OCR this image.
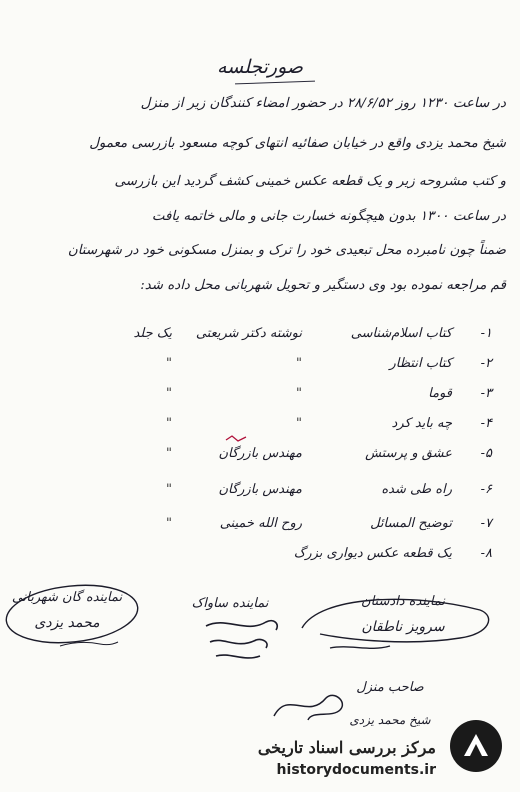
صورتجلسه
در ساعت ۱۲۳۰ روز ۲۸/۶/۵۲ در حضور امضاء کنندگان زیر از منزل
شیخ محمد یزدی واقع در خیابان صفائیه انتهای کوچه مسعود بازرسی معمول
و کتب مشروحه زیر و یک قطعه عکس خمینی کشف گردید این بازرسی
در ساعت ۱۳۰۰ بدون هیچگونه خسارت جانی و مالی خاتمه یافت
ضمناً چون نامبرده محل تبعیدی خود را ترک و بمنزل مسکونی خود در شهرستان
قم مراجعه نموده بود وی دستگیر و تحویل شهربانی محل داده شد:
۱-
کتاب اسلام‌شناسی
نوشته دکتر شریعتی
یک جلد
۲-
کتاب انتظار
"
"
۳-
قوما
"
"
۴-
چه باید کرد
"
"
۵-
عشق و پرستش
مهندس بازرگان
"
۶-
راه طی شده
مهندس بازرگان
"
۷-
توضیح المسائل
روح الله خمینی
"
۸-
یک قطعه عکس دیواری بزرگ
نماینده گان شهربانی
محمد یزدی
نماینده ساواک	نماینده دادستان
سرویز ناطقان
صاحب منزل
شیخ محمد یزدی
مرکز بررسی اسناد تاریخی
historydocuments.ir
